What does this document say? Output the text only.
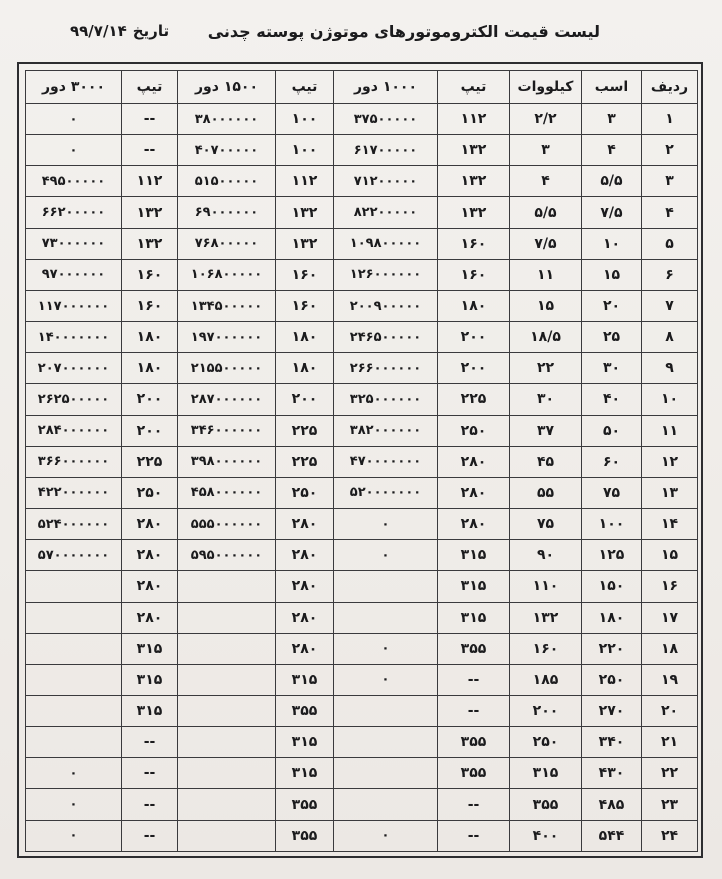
لیست قیمت الکتروموتورهای موتوژن پوسته چدنی
تاریخ
۹۹/۷/۱۴
ردیف	اسب	کیلووات	تیپ	۱۰۰۰ دور	تیپ	۱۵۰۰ دور	تیپ	۳۰۰۰ دور
۱	۳	۲/۲	۱۱۲	۳۷۵۰۰۰۰۰	۱۰۰	۳۸۰۰۰۰۰۰	--	۰
۲	۴	۳	۱۳۲	۶۱۷۰۰۰۰۰	۱۰۰	۴۰۷۰۰۰۰۰	--	۰
۳	۵/۵	۴	۱۳۲	۷۱۲۰۰۰۰۰	۱۱۲	۵۱۵۰۰۰۰۰	۱۱۲	۴۹۵۰۰۰۰۰
۴	۷/۵	۵/۵	۱۳۲	۸۲۲۰۰۰۰۰	۱۳۲	۶۹۰۰۰۰۰۰	۱۳۲	۶۶۲۰۰۰۰۰
۵	۱۰	۷/۵	۱۶۰	۱۰۹۸۰۰۰۰۰	۱۳۲	۷۶۸۰۰۰۰۰	۱۳۲	۷۳۰۰۰۰۰۰
۶	۱۵	۱۱	۱۶۰	۱۲۶۰۰۰۰۰۰	۱۶۰	۱۰۶۸۰۰۰۰۰	۱۶۰	۹۷۰۰۰۰۰۰
۷	۲۰	۱۵	۱۸۰	۲۰۰۹۰۰۰۰۰	۱۶۰	۱۳۴۵۰۰۰۰۰	۱۶۰	۱۱۷۰۰۰۰۰۰
۸	۲۵	۱۸/۵	۲۰۰	۲۴۶۵۰۰۰۰۰	۱۸۰	۱۹۷۰۰۰۰۰۰	۱۸۰	۱۴۰۰۰۰۰۰۰
۹	۳۰	۲۲	۲۰۰	۲۶۶۰۰۰۰۰۰	۱۸۰	۲۱۵۵۰۰۰۰۰	۱۸۰	۲۰۷۰۰۰۰۰۰
۱۰	۴۰	۳۰	۲۲۵	۳۲۵۰۰۰۰۰۰	۲۰۰	۲۸۷۰۰۰۰۰۰	۲۰۰	۲۶۲۵۰۰۰۰۰
۱۱	۵۰	۳۷	۲۵۰	۳۸۲۰۰۰۰۰۰	۲۲۵	۳۴۶۰۰۰۰۰۰	۲۰۰	۲۸۴۰۰۰۰۰۰
۱۲	۶۰	۴۵	۲۸۰	۴۷۰۰۰۰۰۰۰	۲۲۵	۳۹۸۰۰۰۰۰۰	۲۲۵	۳۶۶۰۰۰۰۰۰
۱۳	۷۵	۵۵	۲۸۰	۵۲۰۰۰۰۰۰۰	۲۵۰	۴۵۸۰۰۰۰۰۰	۲۵۰	۴۲۲۰۰۰۰۰۰
۱۴	۱۰۰	۷۵	۲۸۰	۰	۲۸۰	۵۵۵۰۰۰۰۰۰	۲۸۰	۵۲۴۰۰۰۰۰۰
۱۵	۱۲۵	۹۰	۳۱۵	۰	۲۸۰	۵۹۵۰۰۰۰۰۰	۲۸۰	۵۷۰۰۰۰۰۰۰
۱۶	۱۵۰	۱۱۰	۳۱۵		۲۸۰		۲۸۰	
۱۷	۱۸۰	۱۳۲	۳۱۵		۲۸۰		۲۸۰	
۱۸	۲۲۰	۱۶۰	۳۵۵	۰	۲۸۰		۳۱۵	
۱۹	۲۵۰	۱۸۵	--	۰	۳۱۵		۳۱۵	
۲۰	۲۷۰	۲۰۰	--		۳۵۵		۳۱۵	
۲۱	۳۴۰	۲۵۰	۳۵۵		۳۱۵		--	
۲۲	۴۳۰	۳۱۵	۳۵۵		۳۱۵		--	۰
۲۳	۴۸۵	۳۵۵	--		۳۵۵		--	۰
۲۴	۵۴۴	۴۰۰	--	۰	۳۵۵		--	۰
